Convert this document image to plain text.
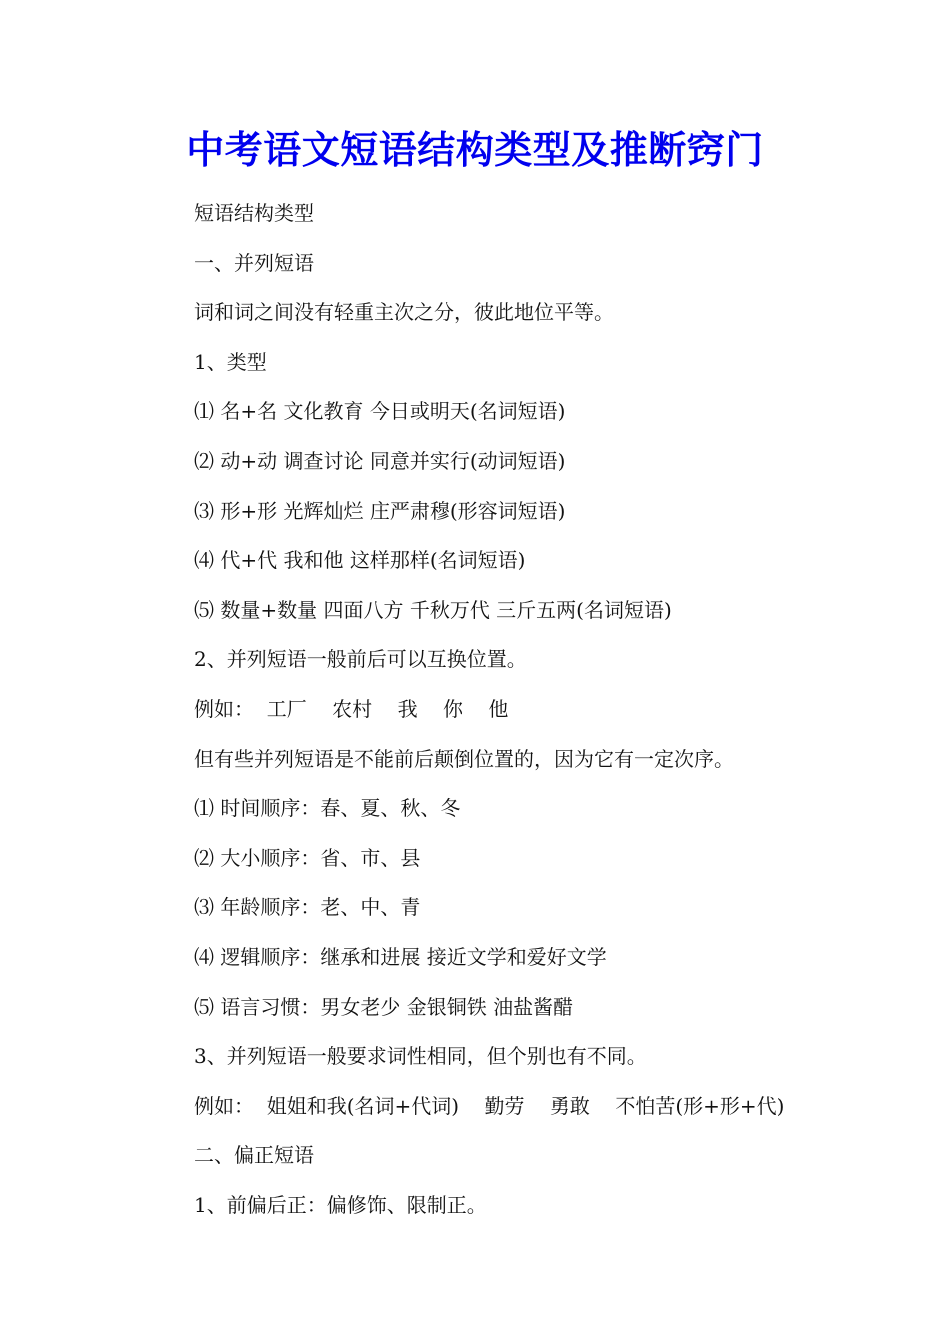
中考语文短语结构类型及推断窍门
短语结构类型
一、并列短语
词和词之间没有轻重主次之分，彼此地位平等。
1、类型
⑴ 名+名 文化教育 今日或明天(名词短语)
⑵ 动+动 调查讨论 同意并实行(动词短语)
⑶ 形+形 光辉灿烂 庄严肃穆(形容词短语)
⑷ 代+代 我和他 这样那样(名词短语)
⑸ 数量+数量 四面八方 千秋万代 三斤五两(名词短语)
2、并列短语一般前后可以互换位置。
例如：  工厂    农村    我    你    他
但有些并列短语是不能前后颠倒位置的，因为它有一定次序。
⑴ 时间顺序：春、夏、秋、冬
⑵ 大小顺序：省、市、县
⑶ 年龄顺序：老、中、青
⑷ 逻辑顺序：继承和进展 接近文学和爱好文学
⑸ 语言习惯：男女老少 金银铜铁 油盐酱醋
3、并列短语一般要求词性相同，但个别也有不同。
例如：  姐姐和我(名词+代词)    勤劳    勇敢    不怕苦(形+形+代)
二、偏正短语
1、前偏后正：偏修饰、限制正。
